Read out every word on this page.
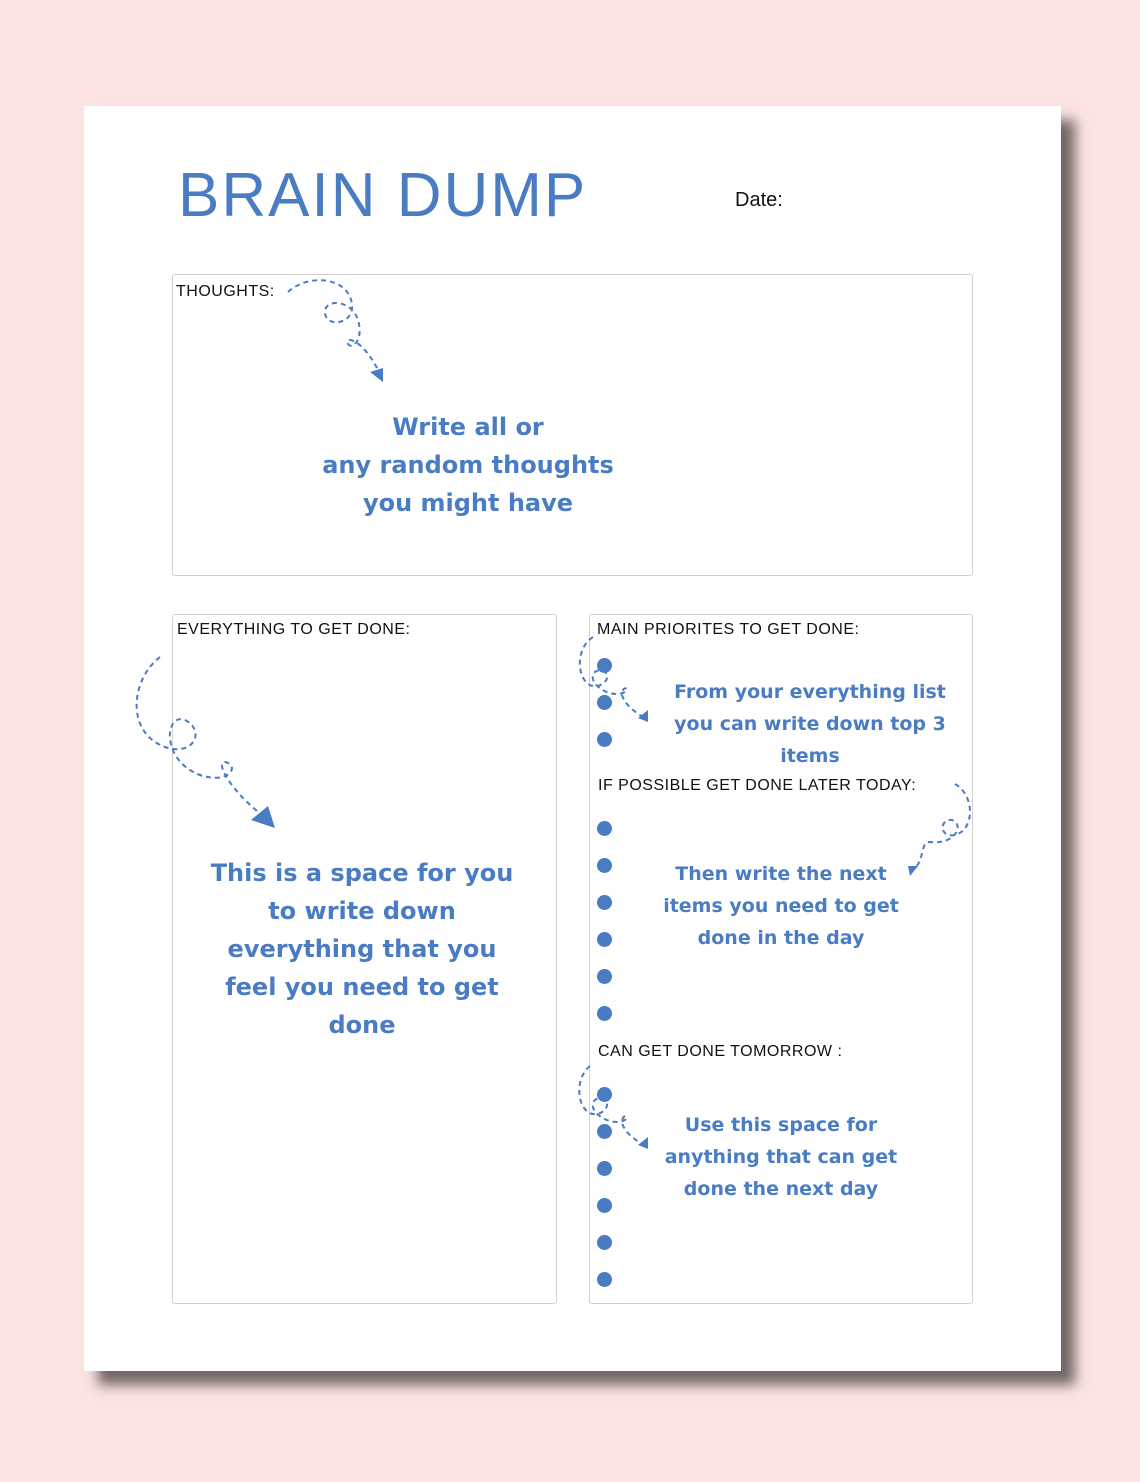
BRAIN DUMP	Date:
THOUGHTS:
Write all or
any random thoughts
you might have
EVERYTHING TO GET DONE:
This is a space for you
to write down
everything that you
feel you need to get
done
MAIN PRIORITES TO GET DONE:
From your everything list
you can write down top 3
items
IF POSSIBLE GET DONE LATER TODAY:
Then write the next
items you need to get
done in the day
CAN GET DONE TOMORROW :
Use this space for
anything that can get
done the next day
